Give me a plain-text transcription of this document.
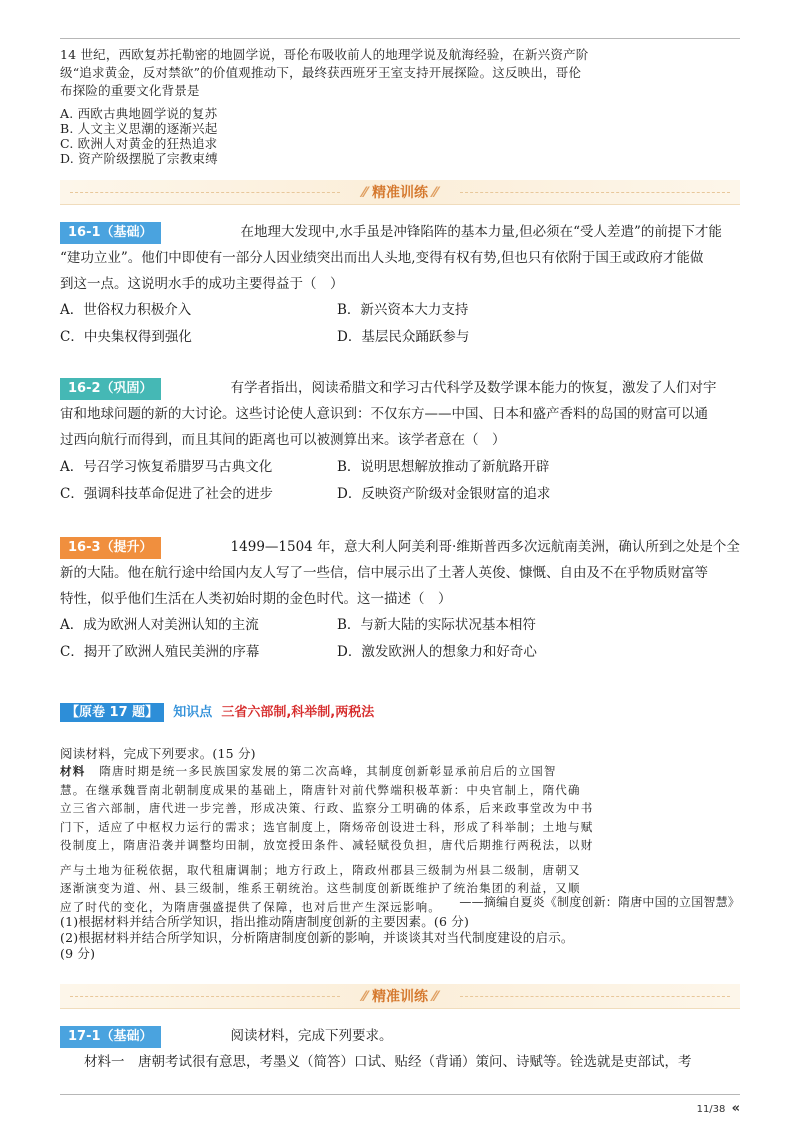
14 世纪，西欧复苏托勒密的地圆学说，哥伦布吸收前人的地理学说及航海经验，在新兴资产阶
级“追求黄金，反对禁欲”的价值观推动下，最终获西班牙王室支持开展探险。这反映出，哥伦
布探险的重要文化背景是
A. 西欧古典地圆学说的复苏
B. 人文主义思潮的逐渐兴起
C. 欧洲人对黄金的狂热追求
D. 资产阶级摆脱了宗教束缚
⁄⁄ 精准训练 ⁄⁄
16-1（基础）	在地理大发现中,水手虽是冲锋陷阵的基本力量,但必须在“受人差遣”的前提下才能
“建功立业”。他们中即使有一部分人因业绩突出而出人头地,变得有权有势,但也只有依附于国王或政府才能做
到这一点。这说明水手的成功主要得益于（　）
A．世俗权力积极介入	B．新兴资本大力支持
C．中央集权得到强化	D．基层民众踊跃参与
16-2（巩固）	有学者指出，阅读希腊文和学习古代科学及数学课本能力的恢复，激发了人们对宇
宙和地球问题的新的大讨论。这些讨论使人意识到：不仅东方——中国、日本和盛产香料的岛国的财富可以通
过西向航行而得到，而且其间的距离也可以被测算出来。该学者意在（　）
A．号召学习恢复希腊罗马古典文化	B．说明思想解放推动了新航路开辟
C．强调科技革命促进了社会的进步	D．反映资产阶级对金银财富的追求
16-3（提升）	1499—1504 年，意大利人阿美利哥·维斯普西多次远航南美洲，确认所到之处是个全
新的大陆。他在航行途中给国内友人写了一些信，信中展示出了土著人英俊、慷慨、自由及不在乎物质财富等
特性，似乎他们生活在人类初始时期的金色时代。这一描述（　）
A．成为欧洲人对美洲认知的主流	B．与新大陆的实际状况基本相符
C．揭开了欧洲人殖民美洲的序幕	D．激发欧洲人的想象力和好奇心
【原卷 17 题】 知识点 三省六部制,科举制,两税法
阅读材料，完成下列要求。(15 分)
材料 隋唐时期是统一多民族国家发展的第二次高峰，其制度创新彰显承前启后的立国智
慧。在继承魏晋南北朝制度成果的基础上，隋唐针对前代弊端积极革新：中央官制上，隋代确
立三省六部制，唐代进一步完善，形成决策、行政、监察分工明确的体系，后来政事堂改为中书
门下，适应了中枢权力运行的需求；选官制度上，隋炀帝创设进士科，形成了科举制；土地与赋
役制度上，隋唐沿袭并调整均田制，放宽授田条件、减轻赋役负担，唐代后期推行两税法，以财
产与土地为征税依据，取代租庸调制；地方行政上，隋政州郡县三级制为州县二级制，唐朝又
逐渐演变为道、州、县三级制，维系王朝统治。这些制度创新既维护了统治集团的利益，又顺
应了时代的变化，为隋唐强盛提供了保障，也对后世产生深远影响。	——摘编自夏炎《制度创新：隋唐中国的立国智慧》
(1)根据材料并结合所学知识，指出推动隋唐制度创新的主要因素。(6 分)
(2)根据材料并结合所学知识，分析隋唐制度创新的影响，并谈谈其对当代制度建设的启示。
(9 分)
⁄⁄ 精准训练 ⁄⁄
17-1（基础）	阅读材料，完成下列要求。
材料一　唐朝考试很有意思，考墨义（简答）口试、贴经（背诵）策问、诗赋等。铨选就是吏部试，考
11/38 «
